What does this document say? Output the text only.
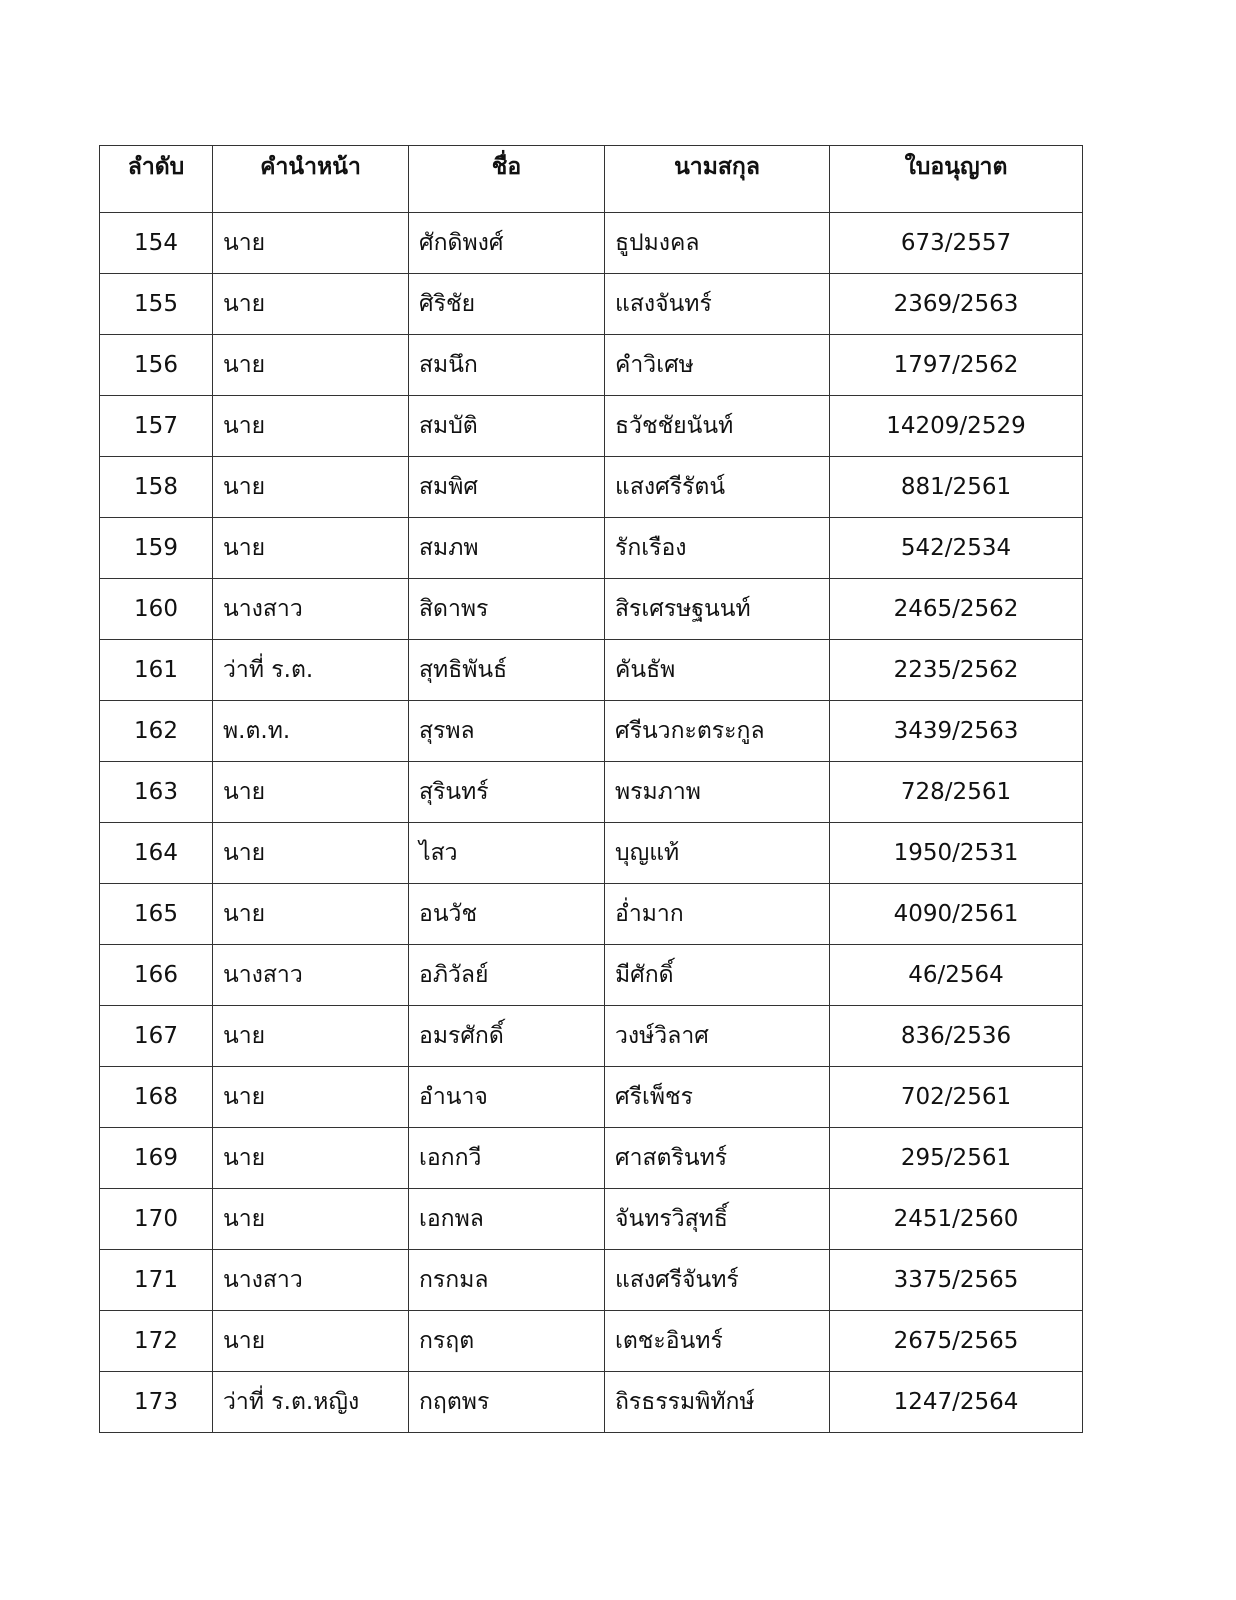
ลำดับ	คำนำหน้า	ชื่อ	นามสกุล	ใบอนุญาต
154	นาย	ศักดิพงศ์	ธูปมงคล	673/2557
155	นาย	ศิริชัย	แสงจันทร์	2369/2563
156	นาย	สมนึก	คำวิเศษ	1797/2562
157	นาย	สมบัติ	ธวัชชัยนันท์	14209/2529
158	นาย	สมพิศ	แสงศรีรัตน์	881/2561
159	นาย	สมภพ	รักเรือง	542/2534
160	นางสาว	สิดาพร	สิรเศรษฐนนท์	2465/2562
161	ว่าที่ ร.ต.	สุทธิพันธ์	คันธัพ	2235/2562
162	พ.ต.ท.	สุรพล	ศรีนวกะตระกูล	3439/2563
163	นาย	สุรินทร์	พรมภาพ	728/2561
164	นาย	ไสว	บุญแท้	1950/2531
165	นาย	อนวัช	อ่ำมาก	4090/2561
166	นางสาว	อภิวัลย์	มีศักดิ์	46/2564
167	นาย	อมรศักดิ์	วงษ์วิลาศ	836/2536
168	นาย	อำนาจ	ศรีเพ็ชร	702/2561
169	นาย	เอกกวี	ศาสตรินทร์	295/2561
170	นาย	เอกพล	จันทรวิสุทธิ์	2451/2560
171	นางสาว	กรกมล	แสงศรีจันทร์	3375/2565
172	นาย	กรฤต	เตชะอินทร์	2675/2565
173	ว่าที่ ร.ต.หญิง	กฤตพร	ถิรธรรมพิทักษ์	1247/2564
